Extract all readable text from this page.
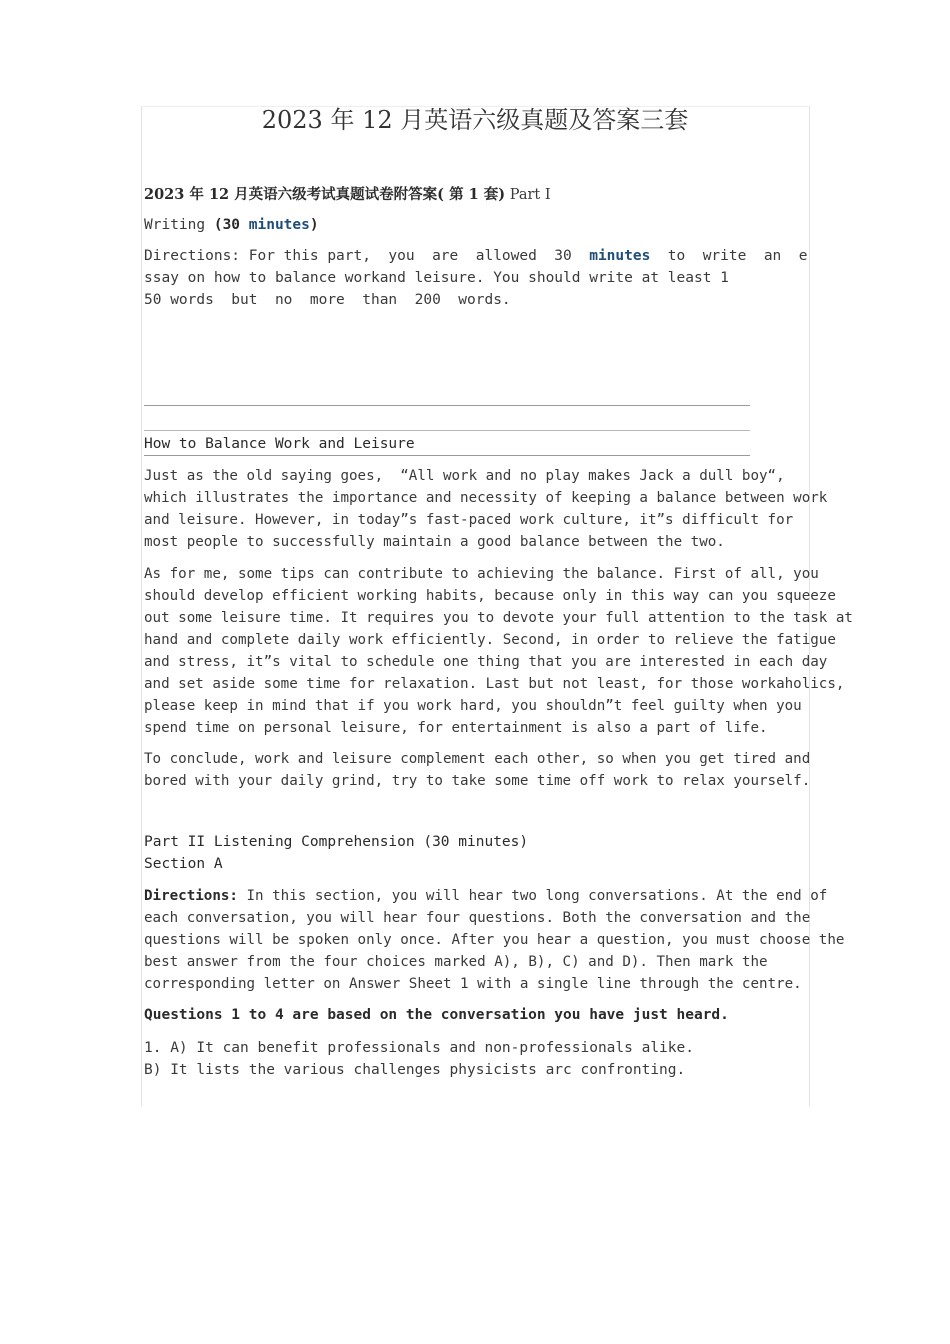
2023 年 12 月英语六级真题及答案三套
2023 年 12 月英语六级考试真题试卷附答案( 第 1 套) Part I
Writing (30 minutes)
Directions: For this part,  you  are  allowed  30  minutes  to  write  an  e
ssay on how to balance workand leisure. You should write at least 1
50 words  but  no  more  than  200  words.
How to Balance Work and Leisure
Just as the old saying goes,  “All work and no play makes Jack a dull boy“,
which illustrates the importance and necessity of keeping a balance between work
and leisure. However, in today”s fast-paced work culture, it”s difficult for
most people to successfully maintain a good balance between the two.
As for me, some tips can contribute to achieving the balance. First of all, you
should develop efficient working habits, because only in this way can you squeeze
out some leisure time. It requires you to devote your full attention to the task at
hand and complete daily work efficiently. Second, in order to relieve the fatigue
and stress, it”s vital to schedule one thing that you are interested in each day
and set aside some time for relaxation. Last but not least, for those workaholics,
please keep in mind that if you work hard, you shouldn”t feel guilty when you
spend time on personal leisure, for entertainment is also a part of life.
To conclude, work and leisure complement each other, so when you get tired and
bored with your daily grind, try to take some time off work to relax yourself.
Part II Listening Comprehension (30 minutes)
Section A
Directions: In this section, you will hear two long conversations. At the end of
each conversation, you will hear four questions. Both the conversation and the
questions will be spoken only once. After you hear a question, you must choose the
best answer from the four choices marked A), B), C) and D). Then mark the
corresponding letter on Answer Sheet 1 with a single line through the centre.
Questions 1 to 4 are based on the conversation you have just heard.
1. A) It can benefit professionals and non-professionals alike.
B) It lists the various challenges physicists arc confronting.
